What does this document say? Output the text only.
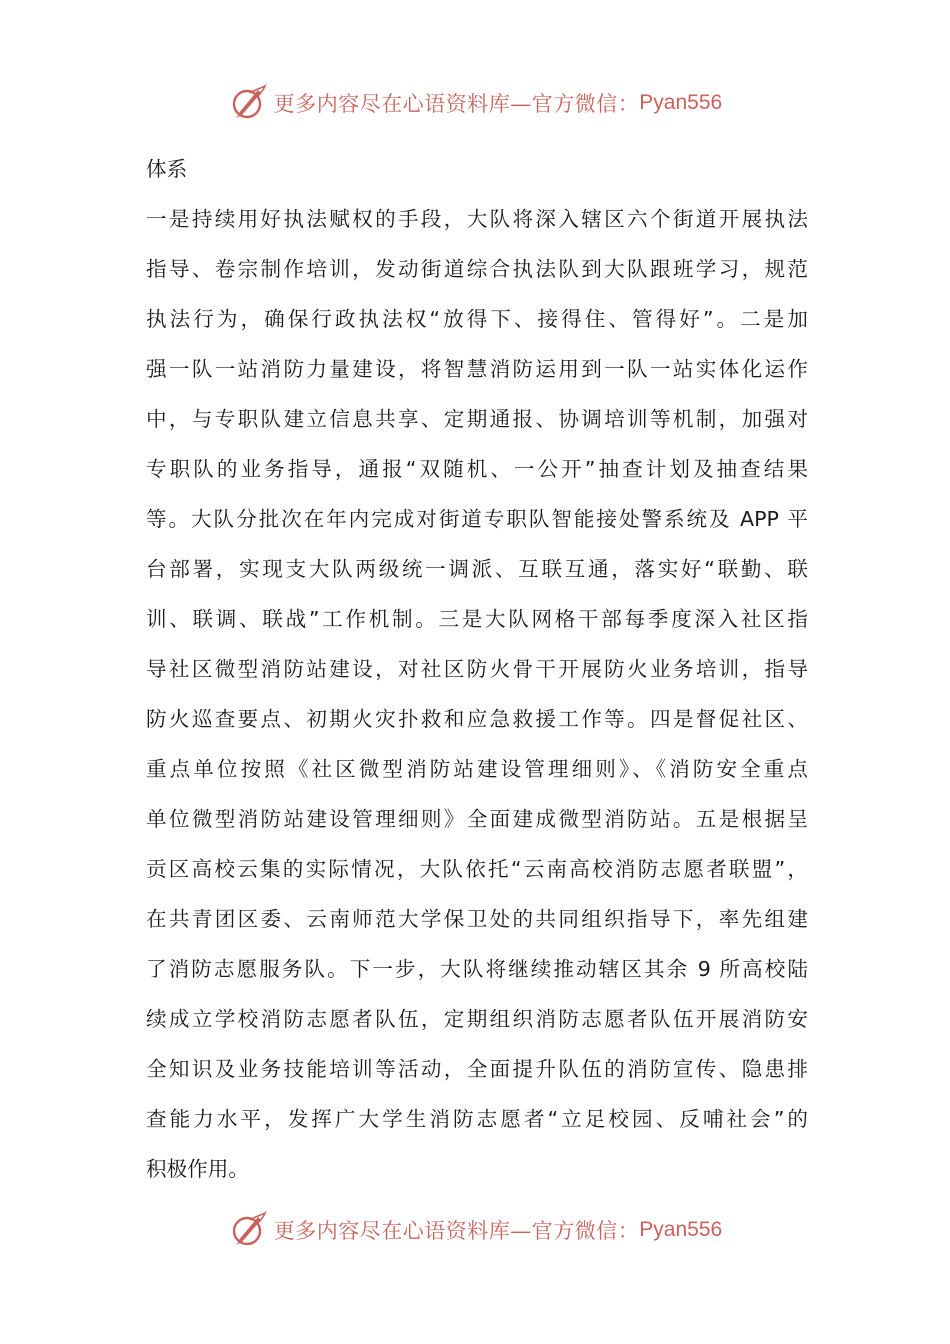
更多内容尽在心语资料库—官方微信： Pyan556
体系
一是持续用好执法赋权的手段，大队将深入辖区六个街道开展执法
指导、卷宗制作培训，发动街道综合执法队到大队跟班学习，规范
执法行为，确保行政执法权“放得下、接得住、管得好”。二是加
强一队一站消防力量建设，将智慧消防运用到一队一站实体化运作
中，与专职队建立信息共享、定期通报、协调培训等机制，加强对
专职队的业务指导，通报“双随机、一公开”抽查计划及抽查结果
等。大队分批次在年内完成对街道专职队智能接处警系统及 APP 平
台部署，实现支大队两级统一调派、互联互通，落实好“联勤、联
训、联调、联战”工作机制。三是大队网格干部每季度深入社区指
导社区微型消防站建设，对社区防火骨干开展防火业务培训，指导
防火巡查要点、初期火灾扑救和应急救援工作等。四是督促社区、
重点单位按照《社区微型消防站建设管理细则》、《消防安全重点
单位微型消防站建设管理细则》全面建成微型消防站。五是根据呈
贡区高校云集的实际情况，大队依托“云南高校消防志愿者联盟”，
在共青团区委、云南师范大学保卫处的共同组织指导下，率先组建
了消防志愿服务队。下一步，大队将继续推动辖区其余 9 所高校陆
续成立学校消防志愿者队伍，定期组织消防志愿者队伍开展消防安
全知识及业务技能培训等活动，全面提升队伍的消防宣传、隐患排
查能力水平，发挥广大学生消防志愿者“立足校园、反哺社会”的
积极作用。
更多内容尽在心语资料库—官方微信： Pyan556
